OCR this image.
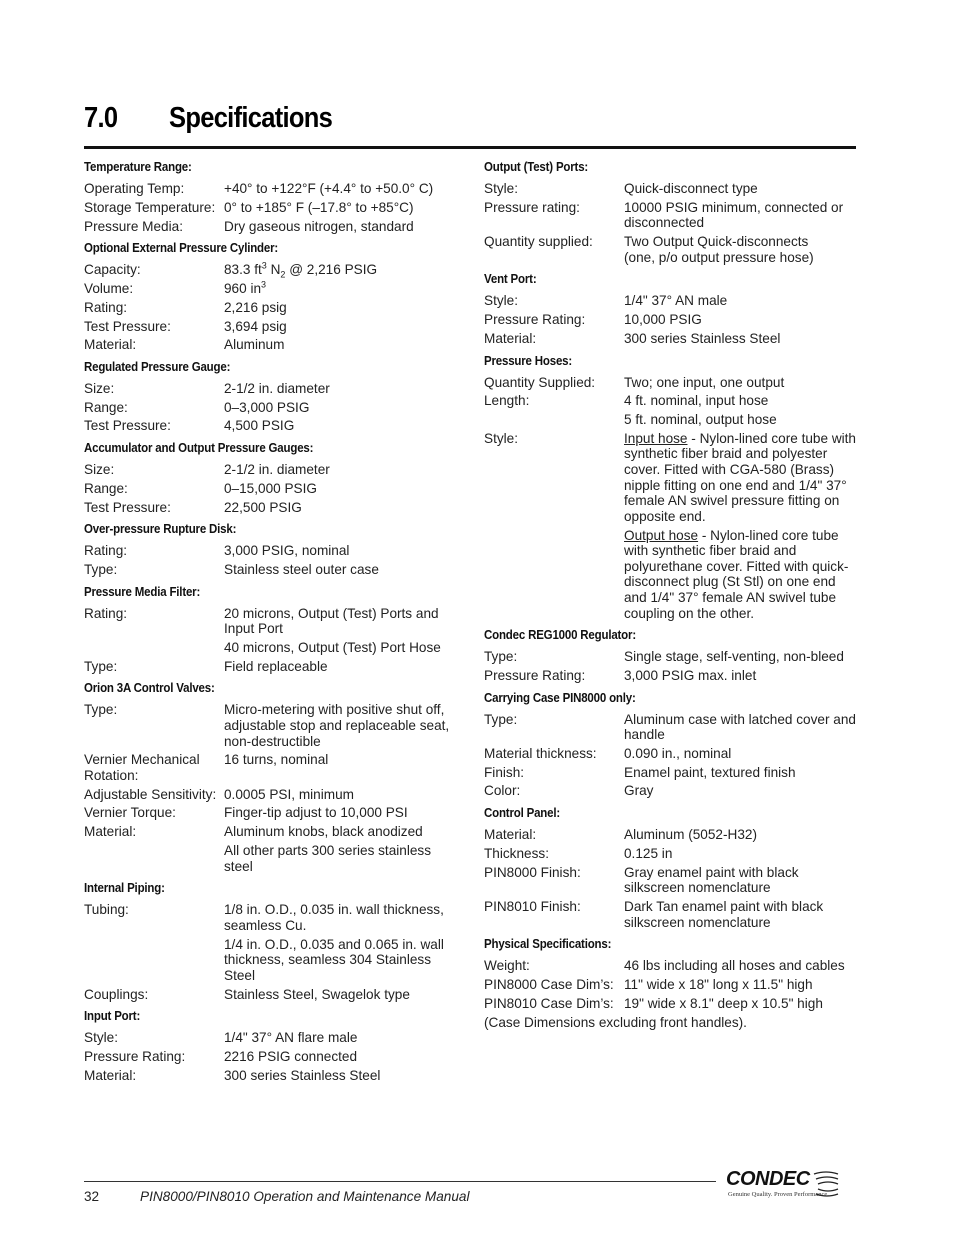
7.0 Specifications
Temperature Range:
Operating Temp:	+40° to +122°F (+4.4° to +50.0° C)
Storage Temperature: 0° to +185° F (–17.8° to +85°C)
Pressure Media:	Dry gaseous nitrogen, standard
Optional External Pressure Cylinder:
Capacity:	83.3 $ft^3$ $N_2$ @ 2,216 PSIG
Volume:	960 $in^3$
Rating:	2,216 psig
Test Pressure:	3,694 psig
Material:	Aluminum
Regulated Pressure Gauge:
Size:	2-1/2 in. diameter
Range:	0–3,000 PSIG
Test Pressure:	4,500 PSIG
Accumulator and Output Pressure Gauges:
Size:	2-1/2 in. diameter
Range:	0–15,000 PSIG
Test Pressure:	22,500 PSIG
Over-pressure Rupture Disk:
Rating:	3,000 PSIG, nominal
Type:	Stainless steel outer case
Pressure Media Filter:
Rating:	20 microns, Output (Test) Ports and Input Port
40 microns, Output (Test) Port Hose
Type:	Field replaceable
Orion 3A Control Valves:
Type:	Micro-metering with positive shut off, adjustable stop and replaceable seat, non-destructible
Vernier Mechanical Rotation:
16 turns, nominal
Adjustable Sensitivity: 0.0005 PSI, minimum
Vernier Torque:	Finger-tip adjust to 10,000 PSI
Material:	Aluminum knobs, black anodized
All other parts 300 series stainless steel
Internal Piping:
Tubing:	1/8 in. O.D., 0.035 in. wall thickness, seamless Cu.
1/4 in. O.D., 0.035 and 0.065 in. wall thickness, seamless 304 Stainless Steel
Couplings:	Stainless Steel, Swagelok type
Input Port:
Style:	1/4" 37° AN flare male
Pressure Rating:	2216 PSIG connected
Material:	300 series Stainless Steel
Output (Test) Ports:
Style:	Quick-disconnect type
Pressure rating:	10000 PSIG minimum, connected or disconnected
Quantity supplied:	Two Output Quick-disconnects
(one, p/o output pressure hose)
Vent Port:
Style:	1/4" 37° AN male
Pressure Rating:	10,000 PSIG
Material:	300 series Stainless Steel
Pressure Hoses:
Quantity Supplied:	Two; one input, one output
Length:	4 ft. nominal, input hose
5 ft. nominal, output hose
Style:	Input hose - Nylon-lined core tube with synthetic fiber braid and polyester cover. Fitted with CGA-580 (Brass) nipple fitting on one end and 1/4" 37° female AN swivel pressure fitting on opposite end.
Output hose - Nylon-lined core tube with synthetic fiber braid and polyurethane cover. Fitted with quick-disconnect plug (St Stl) on one end and 1/4" 37° female AN swivel tube coupling on the other.
Condec REG1000 Regulator:
Type:	Single stage, self-venting, non-bleed
Pressure Rating:	3,000 PSIG max. inlet
Carrying Case PIN8000 only:
Type:	Aluminum case with latched cover and handle
Material thickness:	0.090 in., nominal
Finish:	Enamel paint, textured finish
Color:	Gray
Control Panel:
Material:	Aluminum (5052-H32)
Thickness:	0.125 in
PIN8000 Finish:	Gray enamel paint with black silkscreen nomenclature
PIN8010 Finish:	Dark Tan enamel paint with black silkscreen nomenclature
Physical Specifications:
Weight:	46 lbs including all hoses and cables
PIN8000 Case Dim’s: 11" wide x 18" long x 11.5" high
PIN8010 Case Dim’s: 19" wide x 8.1" deep x 10.5" high
(Case Dimensions excluding front handles).
32	PIN8000/PIN8010 Operation and Maintenance Manual
CONDEC
Genuine Quality. Proven Performance.
